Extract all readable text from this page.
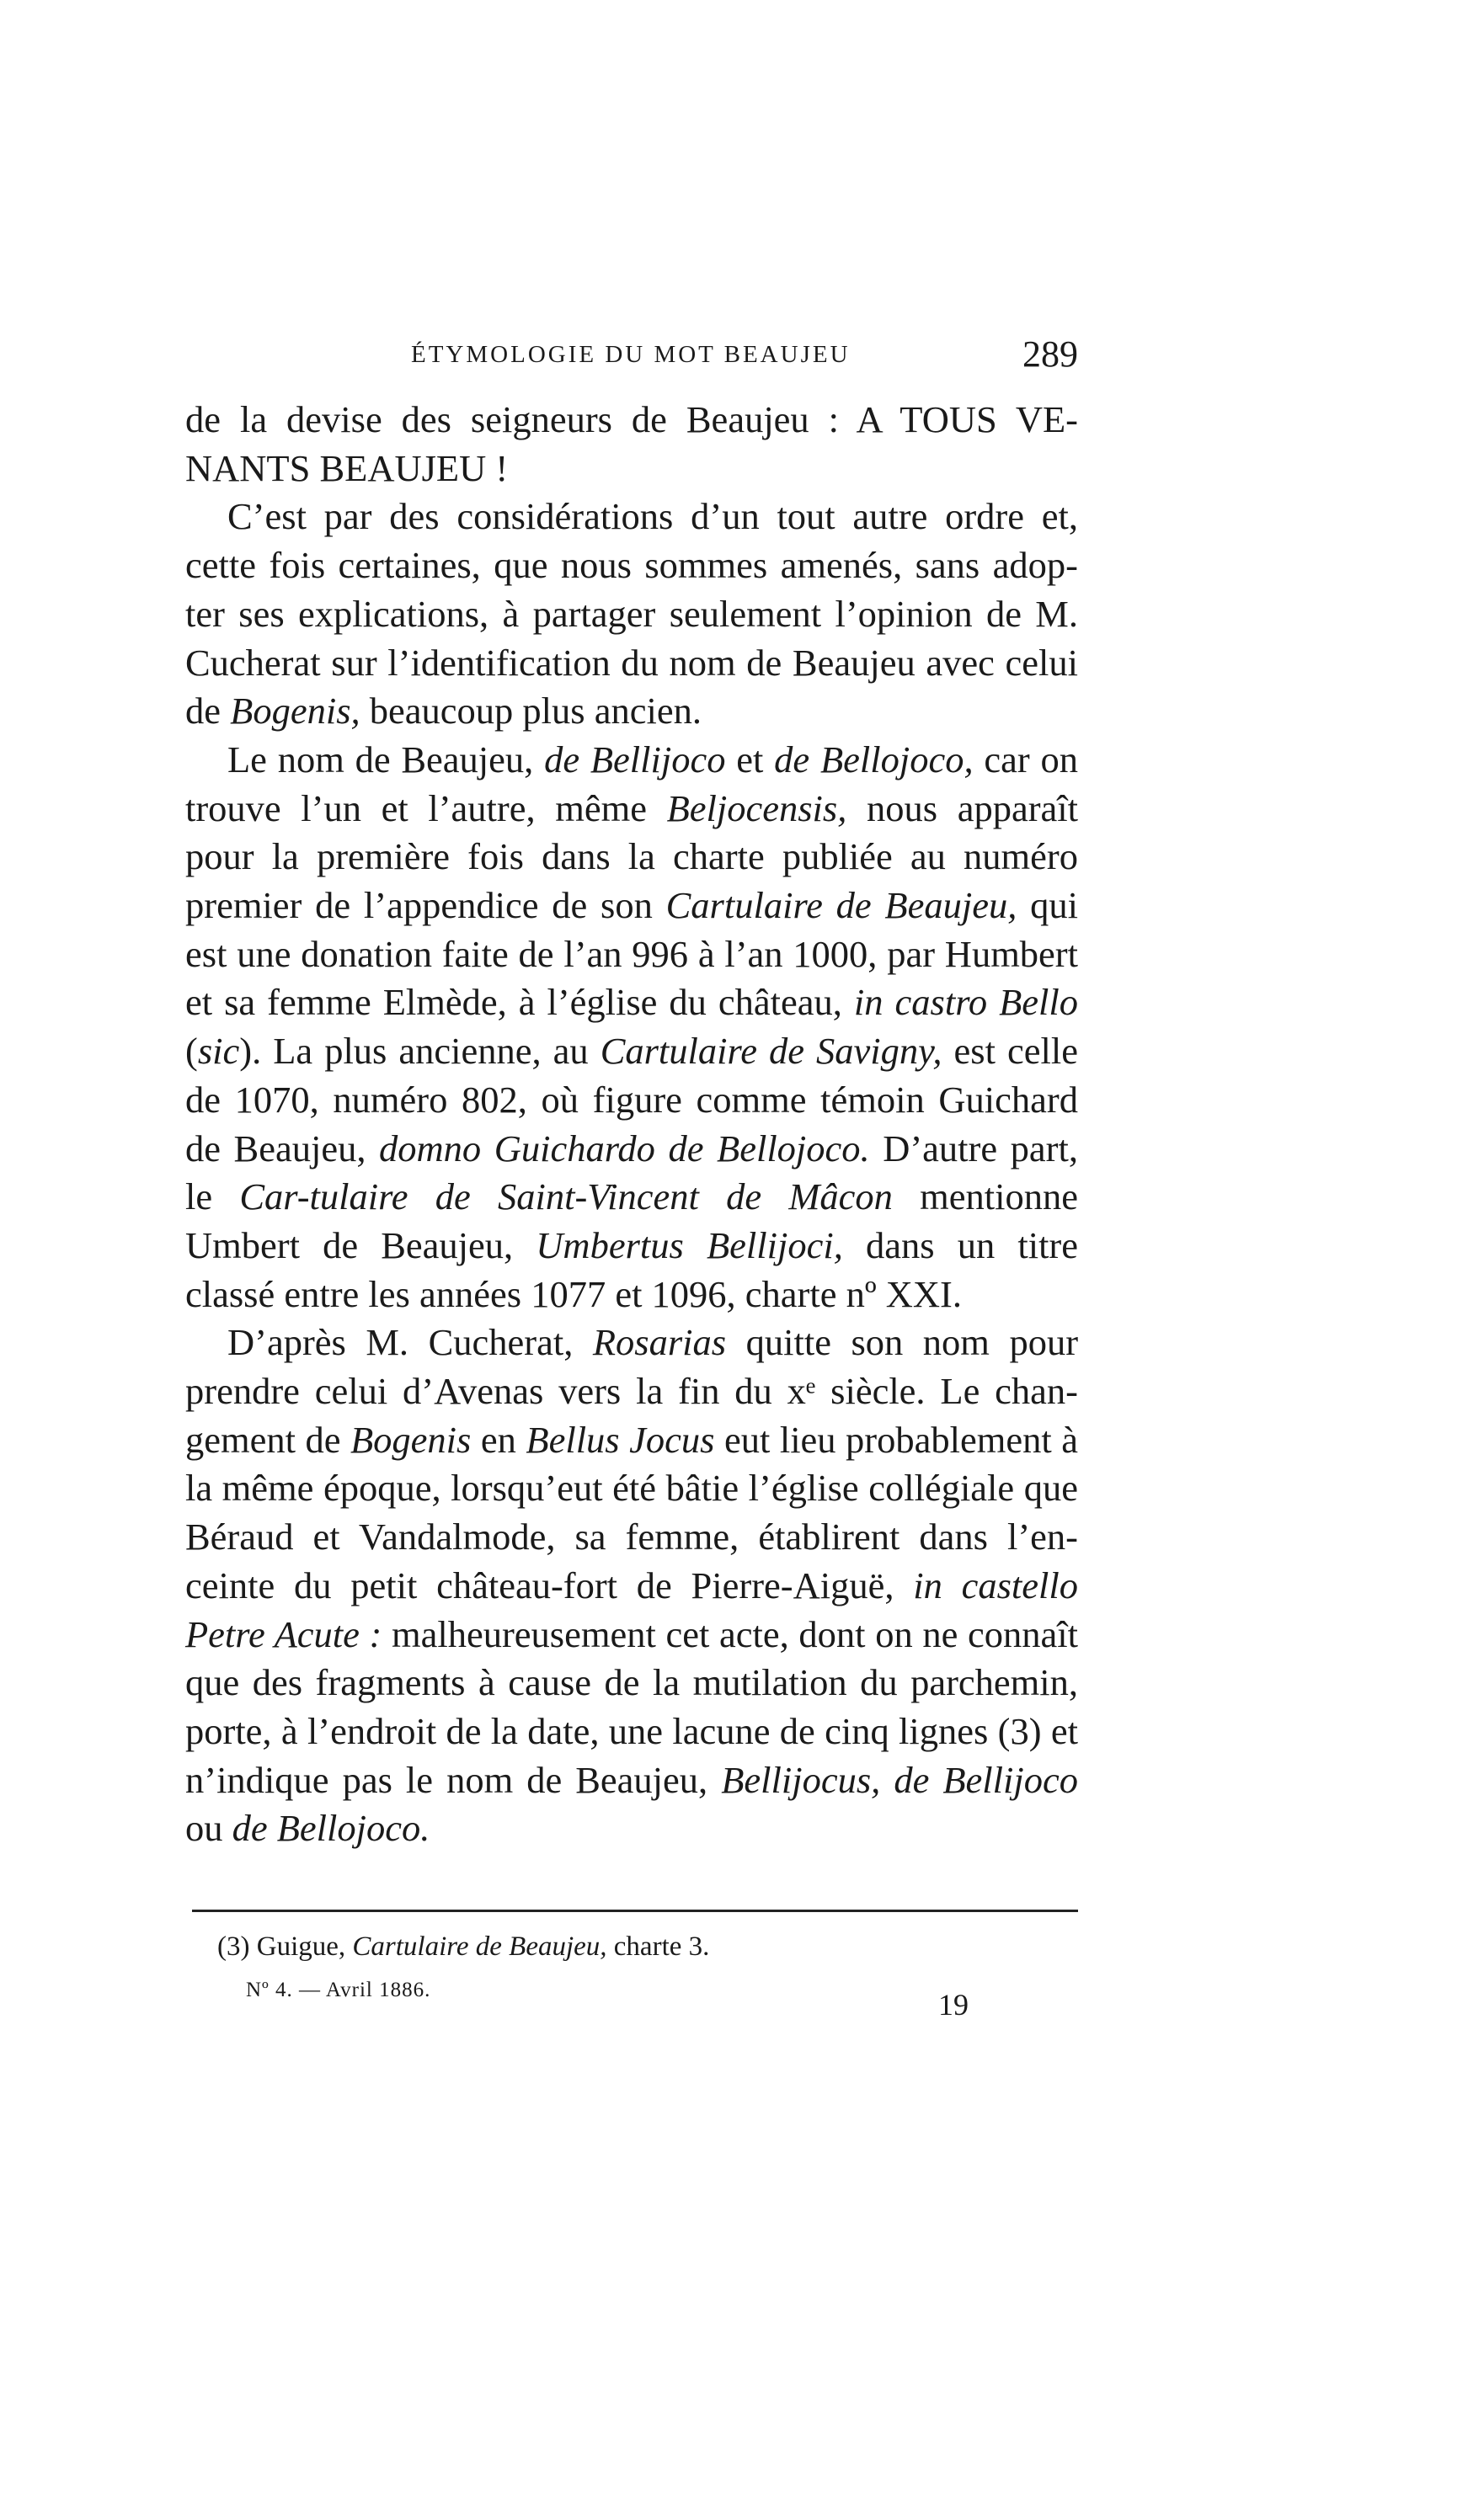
ÉTYMOLOGIE DU MOT BEAUJEU	289

de la devise des seigneurs de Beaujeu : A TOUS VE-NANTS BEAUJEU !

C’est par des considérations d’un tout autre ordre et, cette fois certaines, que nous sommes amenés, sans adop-ter ses explications, à partager seulement l’opinion de M. Cucherat sur l’identification du nom de Beaujeu avec celui de Bogenis, beaucoup plus ancien.

Le nom de Beaujeu, de Bellijoco et de Bellojoco, car on trouve l’un et l’autre, même Beljocensis, nous apparaît pour la première fois dans la charte publiée au numéro premier de l’appendice de son Cartulaire de Beaujeu, qui est une donation faite de l’an 996 à l’an 1000, par Humbert et sa femme Elmède, à l’église du château, in castro Bello (sic). La plus ancienne, au Cartulaire de Savigny, est celle de 1070, numéro 802, où figure comme témoin Guichard de Beaujeu, domno Guichardo de Bellojoco. D’autre part, le Car-tulaire de Saint-Vincent de Mâcon mentionne Umbert de Beaujeu, Umbertus Bellijoci, dans un titre classé entre les années 1077 et 1096, charte nº XXI.

D’après M. Cucherat, Rosarias quitte son nom pour prendre celui d’Avenas vers la fin du xᵉ siècle. Le chan-gement de Bogenis en Bellus Jocus eut lieu probablement à la même époque, lorsqu’eut été bâtie l’église collégiale que Béraud et Vandalmode, sa femme, établirent dans l’en-ceinte du petit château-fort de Pierre-Aiguë, in castello Petre Acute : malheureusement cet acte, dont on ne connaît que des fragments à cause de la mutilation du parchemin, porte, à l’endroit de la date, une lacune de cinq lignes (3) et n’indique pas le nom de Beaujeu, Bellijocus, de Bellijoco ou de Bellojoco.

(3) Guigue, Cartulaire de Beaujeu, charte 3.
Nº 4. — Avril 1886.	19
